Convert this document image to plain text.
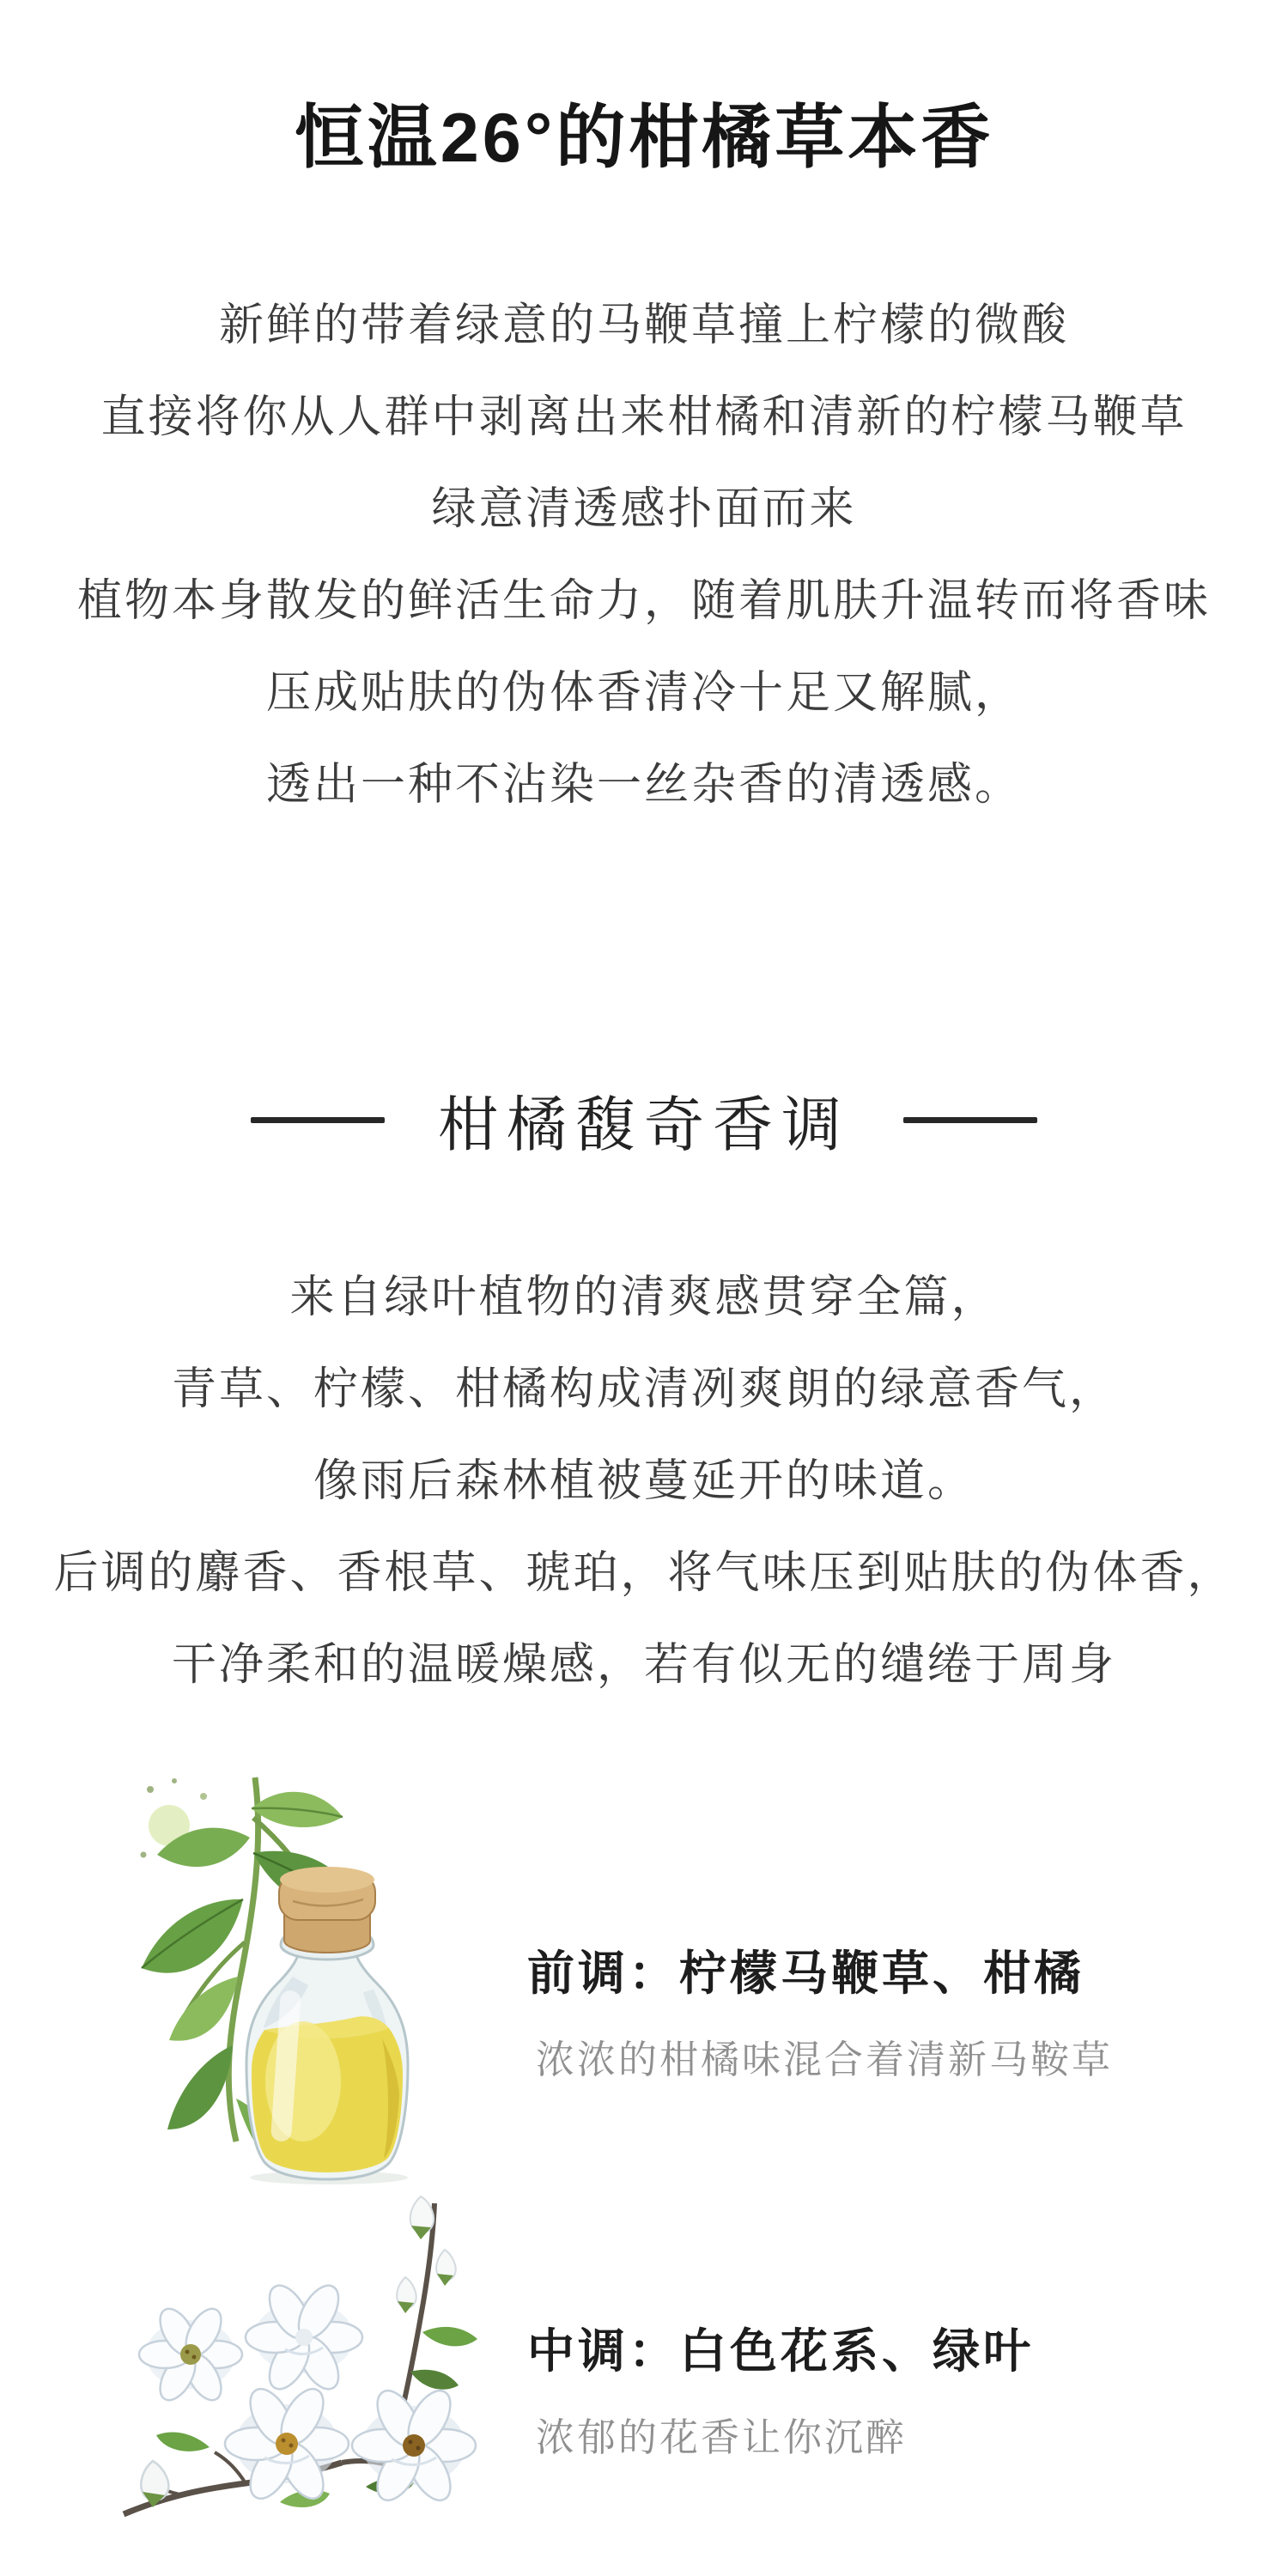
恒温26°的柑橘草本香

新鲜的带着绿意的马鞭草撞上柠檬的微酸

直接将你从人群中剥离出来柑橘和清新的柠檬马鞭草

绿意清透感扑面而来

植物本身散发的鲜活生命力，随着肌肤升温转而将香味

压成贴肤的伪体香清冷十足又解腻，

透出一种不沾染一丝杂香的清透感。

柑橘馥奇香调

来自绿叶植物的清爽感贯穿全篇，

青草、柠檬、柑橘构成清冽爽朗的绿意香气，

像雨后森林植被蔓延开的味道。

后调的麝香、香根草、琥珀，将气味压到贴肤的伪体香，

干净柔和的温暖燥感，若有似无的缱绻于周身

前调：柠檬马鞭草、柑橘

浓浓的柑橘味混合着清新马鞍草

中调：白色花系、绿叶

浓郁的花香让你沉醉
